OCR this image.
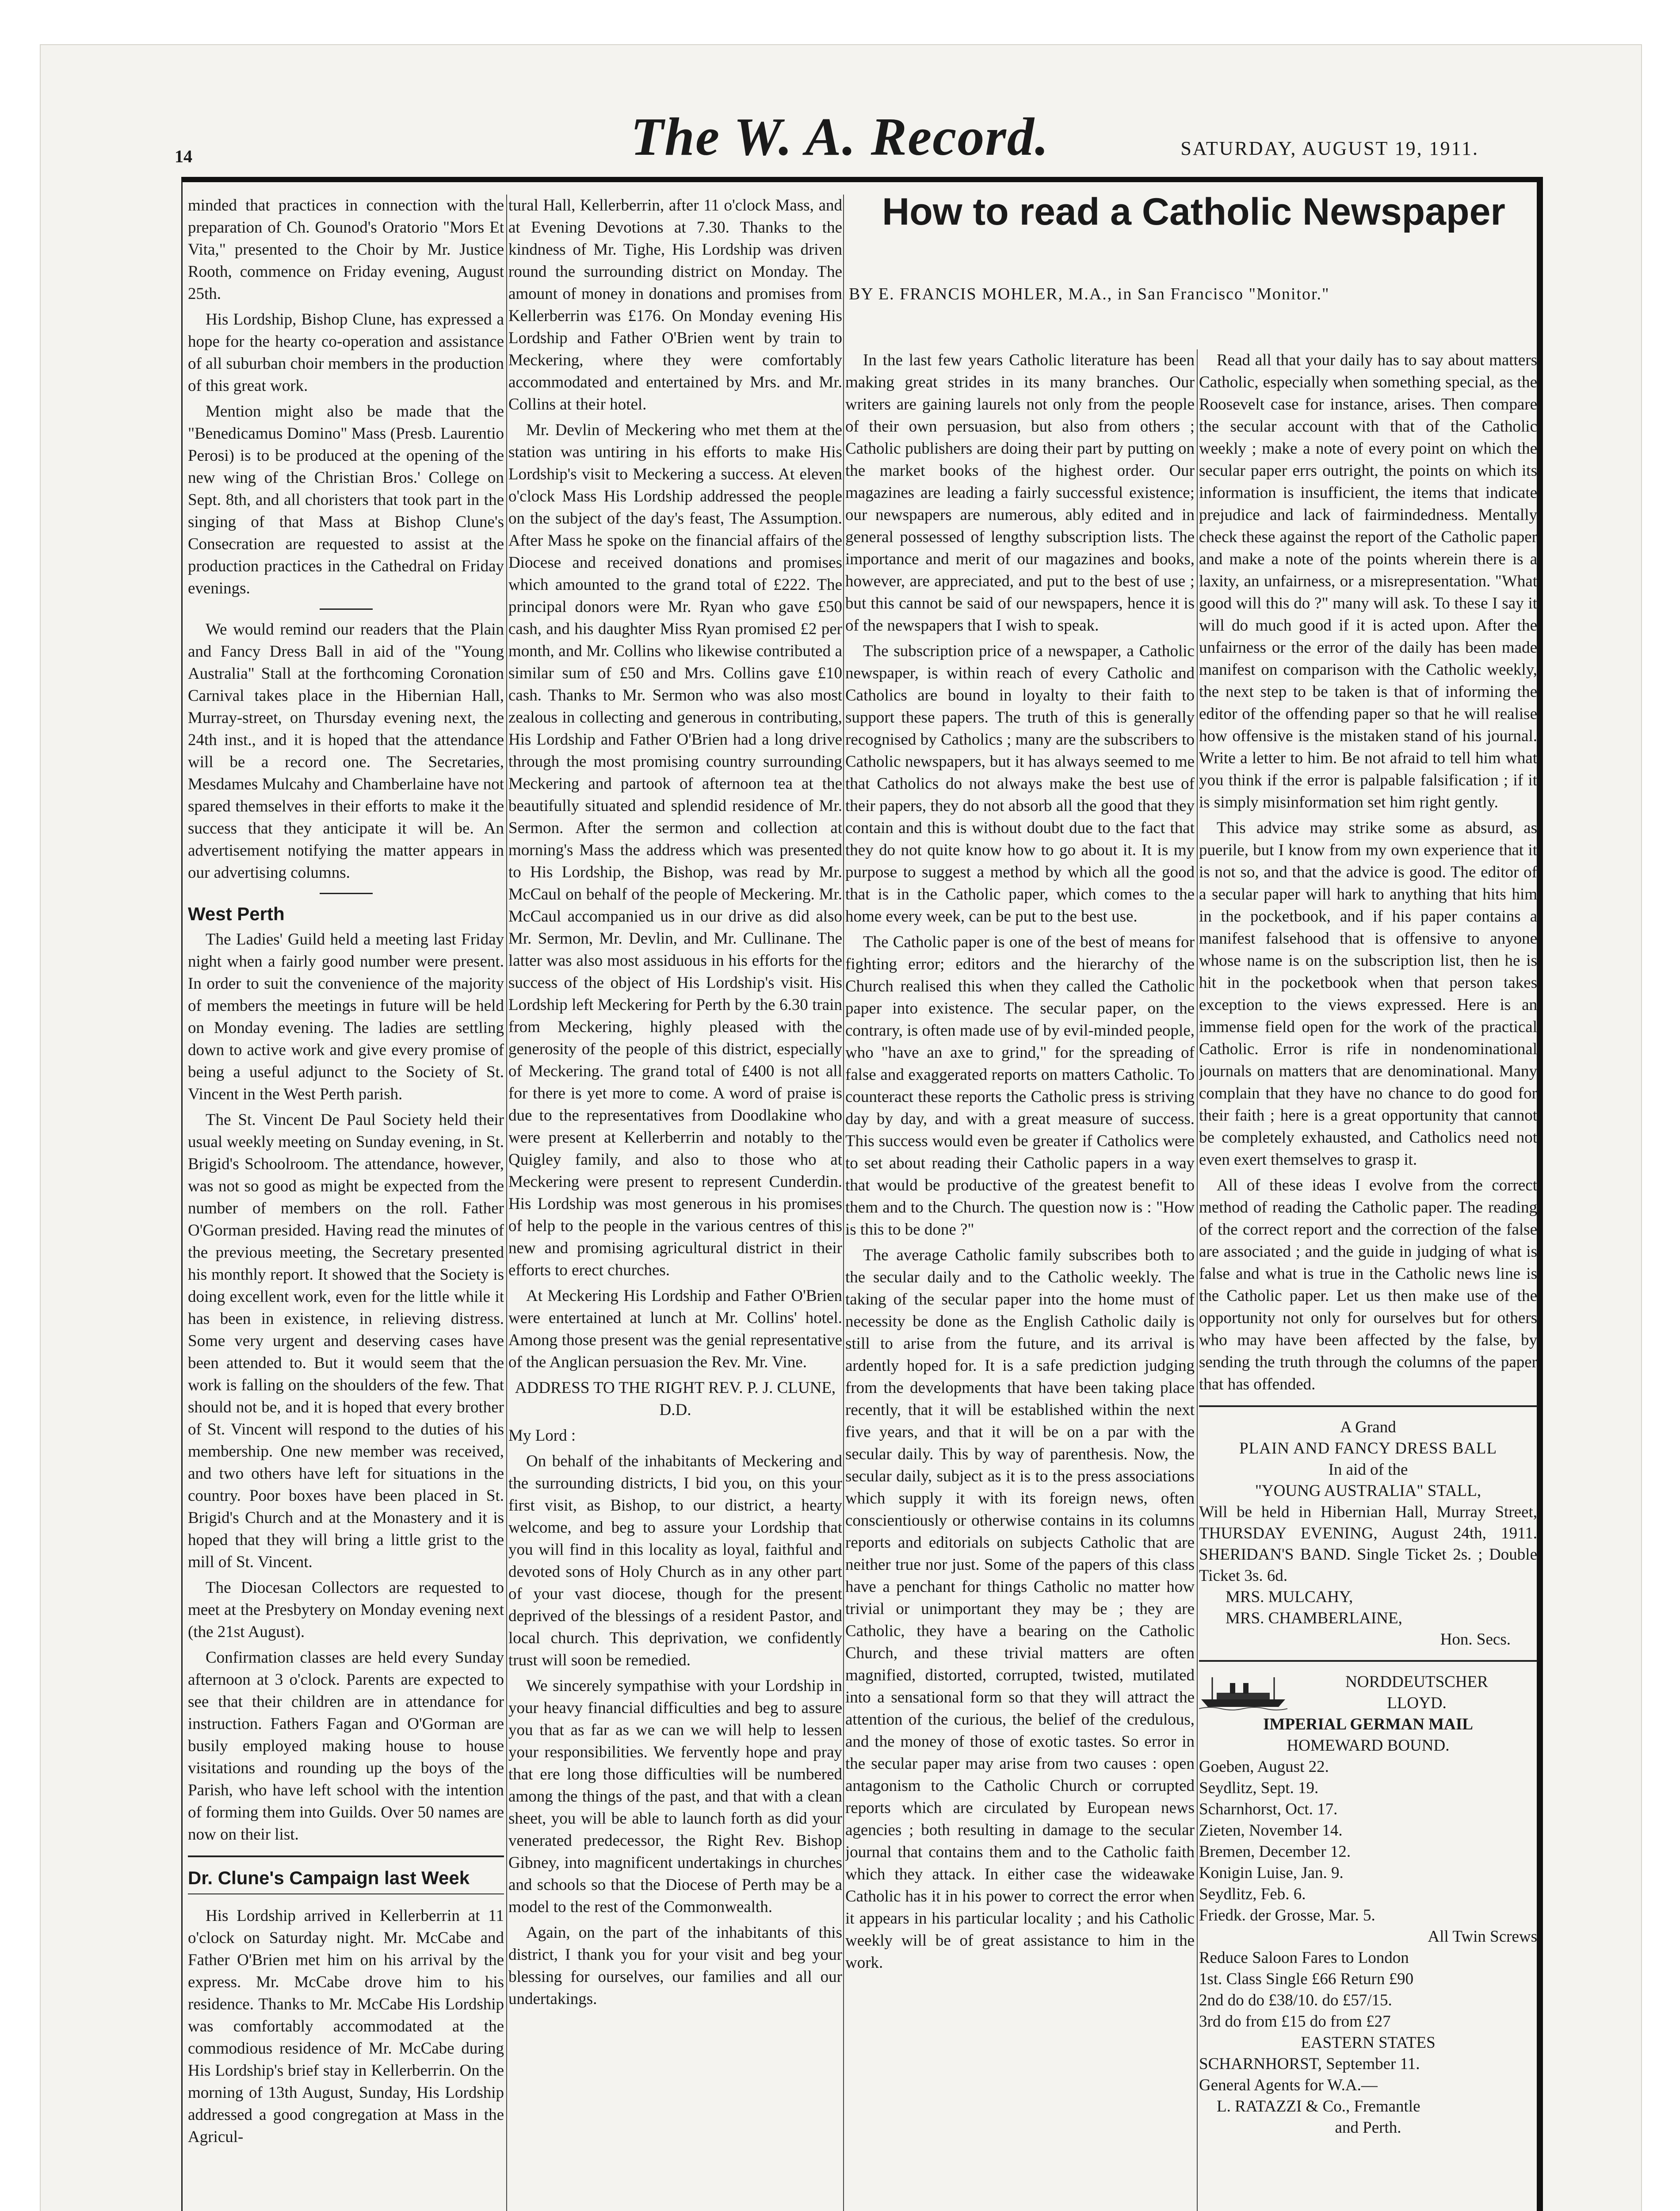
14	The W. A. Record.	SATURDAY, AUGUST 19, 1911.

minded that practices in connection with the preparation of Ch. Gounod's Oratorio "Mors Et Vita," presented to the Choir by Mr. Justice Rooth, commence on Friday evening, August 25th.

His Lordship, Bishop Clune, has expressed a hope for the hearty co-operation and assistance of all suburban choir members in the production of this great work.

Mention might also be made that the "Benedicamus Domino" Mass (Presb. Laurentio Perosi) is to be produced at the opening of the new wing of the Christian Bros.' College on Sept. 8th, and all choristers that took part in the singing of that Mass at Bishop Clune's Consecration are requested to assist at the production practices in the Cathedral on Friday evenings.

We would remind our readers that the Plain and Fancy Dress Ball in aid of the "Young Australia" Stall at the forthcoming Coronation Carnival takes place in the Hibernian Hall, Murray-street, on Thursday evening next, the 24th inst., and it is hoped that the attendance will be a record one. The Secretaries, Mesdames Mulcahy and Chamberlaine have not spared themselves in their efforts to make it the success that they anticipate it will be. An advertisement notifying the matter appears in our advertising columns.

West Perth

The Ladies' Guild held a meeting last Friday night when a fairly good number were present. In order to suit the convenience of the majority of members the meetings in future will be held on Monday evening. The ladies are settling down to active work and give every promise of being a useful adjunct to the Society of St. Vincent in the West Perth parish.

The St. Vincent De Paul Society held their usual weekly meeting on Sunday evening, in St. Brigid's Schoolroom. The attendance, however, was not so good as might be expected from the number of members on the roll. Father O'Gorman presided. Having read the minutes of the previous meeting, the Secretary presented his monthly report. It showed that the Society is doing excellent work, even for the little while it has been in existence, in relieving distress. Some very urgent and deserving cases have been attended to. But it would seem that the work is falling on the shoulders of the few. That should not be, and it is hoped that every brother of St. Vincent will respond to the duties of his membership. One new member was received, and two others have left for situations in the country. Poor boxes have been placed in St. Brigid's Church and at the Monastery and it is hoped that they will bring a little grist to the mill of St. Vincent.

The Diocesan Collectors are requested to meet at the Presbytery on Monday evening next (the 21st August).

Confirmation classes are held every Sunday afternoon at 3 o'clock. Parents are expected to see that their children are in attendance for instruction. Fathers Fagan and O'Gorman are busily employed making house to house visitations and rounding up the boys of the Parish, who have left school with the intention of forming them into Guilds. Over 50 names are now on their list.

Dr. Clune's Campaign last Week

His Lordship arrived in Kellerberrin at 11 o'clock on Saturday night. Mr. McCabe and Father O'Brien met him on his arrival by the express. Mr. McCabe drove him to his residence. Thanks to Mr. McCabe His Lordship was comfortably accommodated at the commodious residence of Mr. McCabe during His Lordship's brief stay in Kellerberrin. On the morning of 13th August, Sunday, His Lordship addressed a good congregation at Mass in the Agricul-

tural Hall, Kellerberrin, after 11 o'clock Mass, and at Evening Devotions at 7.30. Thanks to the kindness of Mr. Tighe, His Lordship was driven round the surrounding district on Monday. The amount of money in donations and promises from Kellerberrin was £176. On Monday evening His Lordship and Father O'Brien went by train to Meckering, where they were comfortably accommodated and entertained by Mrs. and Mr. Collins at their hotel.

Mr. Devlin of Meckering who met them at the station was untiring in his efforts to make His Lordship's visit to Meckering a success. At eleven o'clock Mass His Lordship addressed the people on the subject of the day's feast, The Assumption. After Mass he spoke on the financial affairs of the Diocese and received donations and promises which amounted to the grand total of £222. The principal donors were Mr. Ryan who gave £50 cash, and his daughter Miss Ryan promised £2 per month, and Mr. Collins who likewise contributed a similar sum of £50 and Mrs. Collins gave £10 cash. Thanks to Mr. Sermon who was also most zealous in collecting and generous in contributing, His Lordship and Father O'Brien had a long drive through the most promising country surrounding Meckering and partook of afternoon tea at the beautifully situated and splendid residence of Mr. Sermon. After the sermon and collection at morning's Mass the address which was presented to His Lordship, the Bishop, was read by Mr. McCaul on behalf of the people of Meckering. Mr. McCaul accompanied us in our drive as did also Mr. Sermon, Mr. Devlin, and Mr. Cullinane. The latter was also most assiduous in his efforts for the success of the object of His Lordship's visit. His Lordship left Meckering for Perth by the 6.30 train from Meckering, highly pleased with the generosity of the people of this district, especially of Meckering. The grand total of £400 is not all for there is yet more to come. A word of praise is due to the representatives from Doodlakine who were present at Kellerberrin and notably to the Quigley family, and also to those who at Meckering were present to represent Cunderdin. His Lordship was most generous in his promises of help to the people in the various centres of this new and promising agricultural district in their efforts to erect churches.

At Meckering His Lordship and Father O'Brien were entertained at lunch at Mr. Collins' hotel. Among those present was the genial representative of the Anglican persuasion the Rev. Mr. Vine.

ADDRESS TO THE RIGHT REV. P. J. CLUNE, D.D.

My Lord :

On behalf of the inhabitants of Meckering and the surrounding districts, I bid you, on this your first visit, as Bishop, to our district, a hearty welcome, and beg to assure your Lordship that you will find in this locality as loyal, faithful and devoted sons of Holy Church as in any other part of your vast diocese, though for the present deprived of the blessings of a resident Pastor, and local church. This deprivation, we confidently trust will soon be remedied.

We sincerely sympathise with your Lordship in your heavy financial difficulties and beg to assure you that as far as we can we will help to lessen your responsibilities. We fervently hope and pray that ere long those difficulties will be numbered among the things of the past, and that with a clean sheet, you will be able to launch forth as did your venerated predecessor, the Right Rev. Bishop Gibney, into magnificent undertakings in churches and schools so that the Diocese of Perth may be a model to the rest of the Commonwealth.

Again, on the part of the inhabitants of this district, I thank you for your visit and beg your blessing for ourselves, our families and all our undertakings.

How to read a Catholic Newspaper
BY E. FRANCIS MOHLER, M.A., in San Francisco "Monitor."

In the last few years Catholic literature has been making great strides in its many branches. Our writers are gaining laurels not only from the people of their own persuasion, but also from others ; Catholic publishers are doing their part by putting on the market books of the highest order. Our magazines are leading a fairly successful existence; our newspapers are numerous, ably edited and in general possessed of lengthy subscription lists. The importance and merit of our magazines and books, however, are appreciated, and put to the best of use ; but this cannot be said of our newspapers, hence it is of the newspapers that I wish to speak.

The subscription price of a newspaper, a Catholic newspaper, is within reach of every Catholic and Catholics are bound in loyalty to their faith to support these papers. The truth of this is generally recognised by Catholics ; many are the subscribers to Catholic newspapers, but it has always seemed to me that Catholics do not always make the best use of their papers, they do not absorb all the good that they contain and this is without doubt due to the fact that they do not quite know how to go about it. It is my purpose to suggest a method by which all the good that is in the Catholic paper, which comes to the home every week, can be put to the best use.

The Catholic paper is one of the best of means for fighting error; editors and the hierarchy of the Church realised this when they called the Catholic paper into existence. The secular paper, on the contrary, is often made use of by evil-minded people, who "have an axe to grind," for the spreading of false and exaggerated reports on matters Catholic. To counteract these reports the Catholic press is striving day by day, and with a great measure of success. This success would even be greater if Catholics were to set about reading their Catholic papers in a way that would be productive of the greatest benefit to them and to the Church. The question now is : "How is this to be done ?"

The average Catholic family subscribes both to the secular daily and to the Catholic weekly. The taking of the secular paper into the home must of necessity be done as the English Catholic daily is still to arise from the future, and its arrival is ardently hoped for. It is a safe prediction judging from the developments that have been taking place recently, that it will be established within the next five years, and that it will be on a par with the secular daily. This by way of parenthesis. Now, the secular daily, subject as it is to the press associations which supply it with its foreign news, often conscientiously or otherwise contains in its columns reports and editorials on subjects Catholic that are neither true nor just. Some of the papers of this class have a penchant for things Catholic no matter how trivial or unimportant they may be ; they are Catholic, they have a bearing on the Catholic Church, and these trivial matters are often magnified, distorted, corrupted, twisted, mutilated into a sensational form so that they will attract the attention of the curious, the belief of the credulous, and the money of those of exotic tastes. So error in the secular paper may arise from two causes : open antagonism to the Catholic Church or corrupted reports which are circulated by European news agencies ; both resulting in damage to the secular journal that contains them and to the Catholic faith which they attack. In either case the wideawake Catholic has it in his power to correct the error when it appears in his particular locality ; and his Catholic weekly will be of great assistance to him in the work.

Read all that your daily has to say about matters Catholic, especially when something special, as the Roosevelt case for instance, arises. Then compare the secular account with that of the Catholic weekly ; make a note of every point on which the secular paper errs outright, the points on which its information is insufficient, the items that indicate prejudice and lack of fairmindedness. Mentally check these against the report of the Catholic paper and make a note of the points wherein there is a laxity, an unfairness, or a misrepresentation. "What good will this do ?" many will ask. To these I say it will do much good if it is acted upon. After the unfairness or the error of the daily has been made manifest on comparison with the Catholic weekly, the next step to be taken is that of informing the editor of the offending paper so that he will realise how offensive is the mistaken stand of his journal. Write a letter to him. Be not afraid to tell him what you think if the error is palpable falsification ; if it is simply misinformation set him right gently.

This advice may strike some as absurd, as puerile, but I know from my own experience that it is not so, and that the advice is good. The editor of a secular paper will hark to anything that hits him in the pocketbook, and if his paper contains a manifest falsehood that is offensive to anyone whose name is on the subscription list, then he is hit in the pocketbook when that person takes exception to the views expressed. Here is an immense field open for the work of the practical Catholic. Error is rife in nondenominational journals on matters that are denominational. Many complain that they have no chance to do good for their faith ; here is a great opportunity that cannot be completely exhausted, and Catholics need not even exert themselves to grasp it.

All of these ideas I evolve from the correct method of reading the Catholic paper. The reading of the correct report and the correction of the false are associated ; and the guide in judging of what is false and what is true in the Catholic news line is the Catholic paper. Let us then make use of the opportunity not only for ourselves but for others who may have been affected by the false, by sending the truth through the columns of the paper that has offended.

A Grand
PLAIN AND FANCY DRESS BALL
In aid of the
"YOUNG AUSTRALIA" STALL,
Will be held in Hibernian Hall, Murray Street, THURSDAY EVENING, August 24th, 1911. SHERIDAN'S BAND. Single Ticket 2s. ; Double Ticket 3s. 6d.
MRS. MULCAHY,
MRS. CHAMBERLAINE,
Hon. Secs.
NORDDEUTSCHER
LLOYD.
IMPERIAL GERMAN MAIL
HOMEWARD BOUND.
Goeben, August 22.
Seydlitz, Sept. 19.
Scharnhorst, Oct. 17.
Zieten, November 14.
Bremen, December 12.
Konigin Luise, Jan. 9.
Seydlitz, Feb. 6.
Friedk. der Grosse, Mar. 5.
All Twin Screws
Reduce Saloon Fares to London
1st. Class Single £66 Return £90
2nd do do £38/10. do £57/15.
3rd do from £15 do from £27
EASTERN STATES
SCHARNHORST, September 11.
General Agents for W.A.—
L. RATAZZI & Co., Fremantle
and Perth.
